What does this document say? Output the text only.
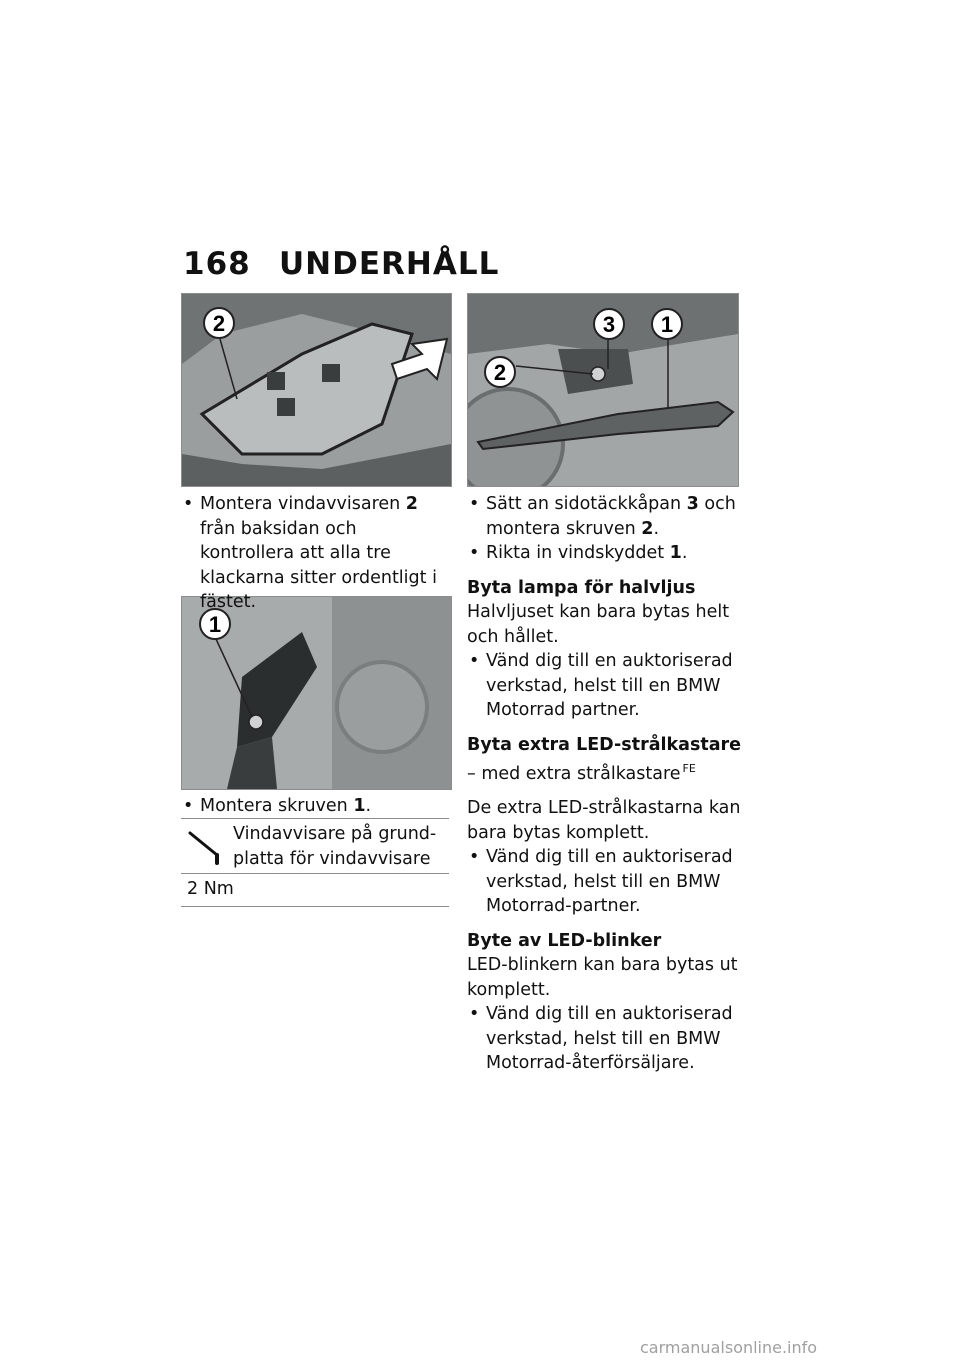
168 UNDERHÅLL
2
1
3 1
2

• Montera vindavvisaren 2 från baksidan och kontrollera att alla tre klackarna sitter ordentligt i fästet.

• Montera skruven 1.

Vindavvisare på grundplatta för vindavvisare
2 Nm

• Sätt an sidotäckkåpan 3 och montera skruven 2.

• Rikta in vindskyddet 1.

Byta lampa för halvljus
Halvljuset kan bara bytas helt och hållet.

• Vänd dig till en auktoriserad verkstad, helst till en BMW Motorrad partner.

Byta extra LED-strålkastare
– med extra strålkastare $^{FE}$
De extra LED-strålkastarna kan bara bytas komplett.

• Vänd dig till en auktoriserad verkstad, helst till en BMW Motorrad-partner.

Byte av LED-blinker
LED-blinkern kan bara bytas ut komplett.

• Vänd dig till en auktoriserad verkstad, helst till en BMW Motorrad-återförsäljare.

carmanualsonline.info
